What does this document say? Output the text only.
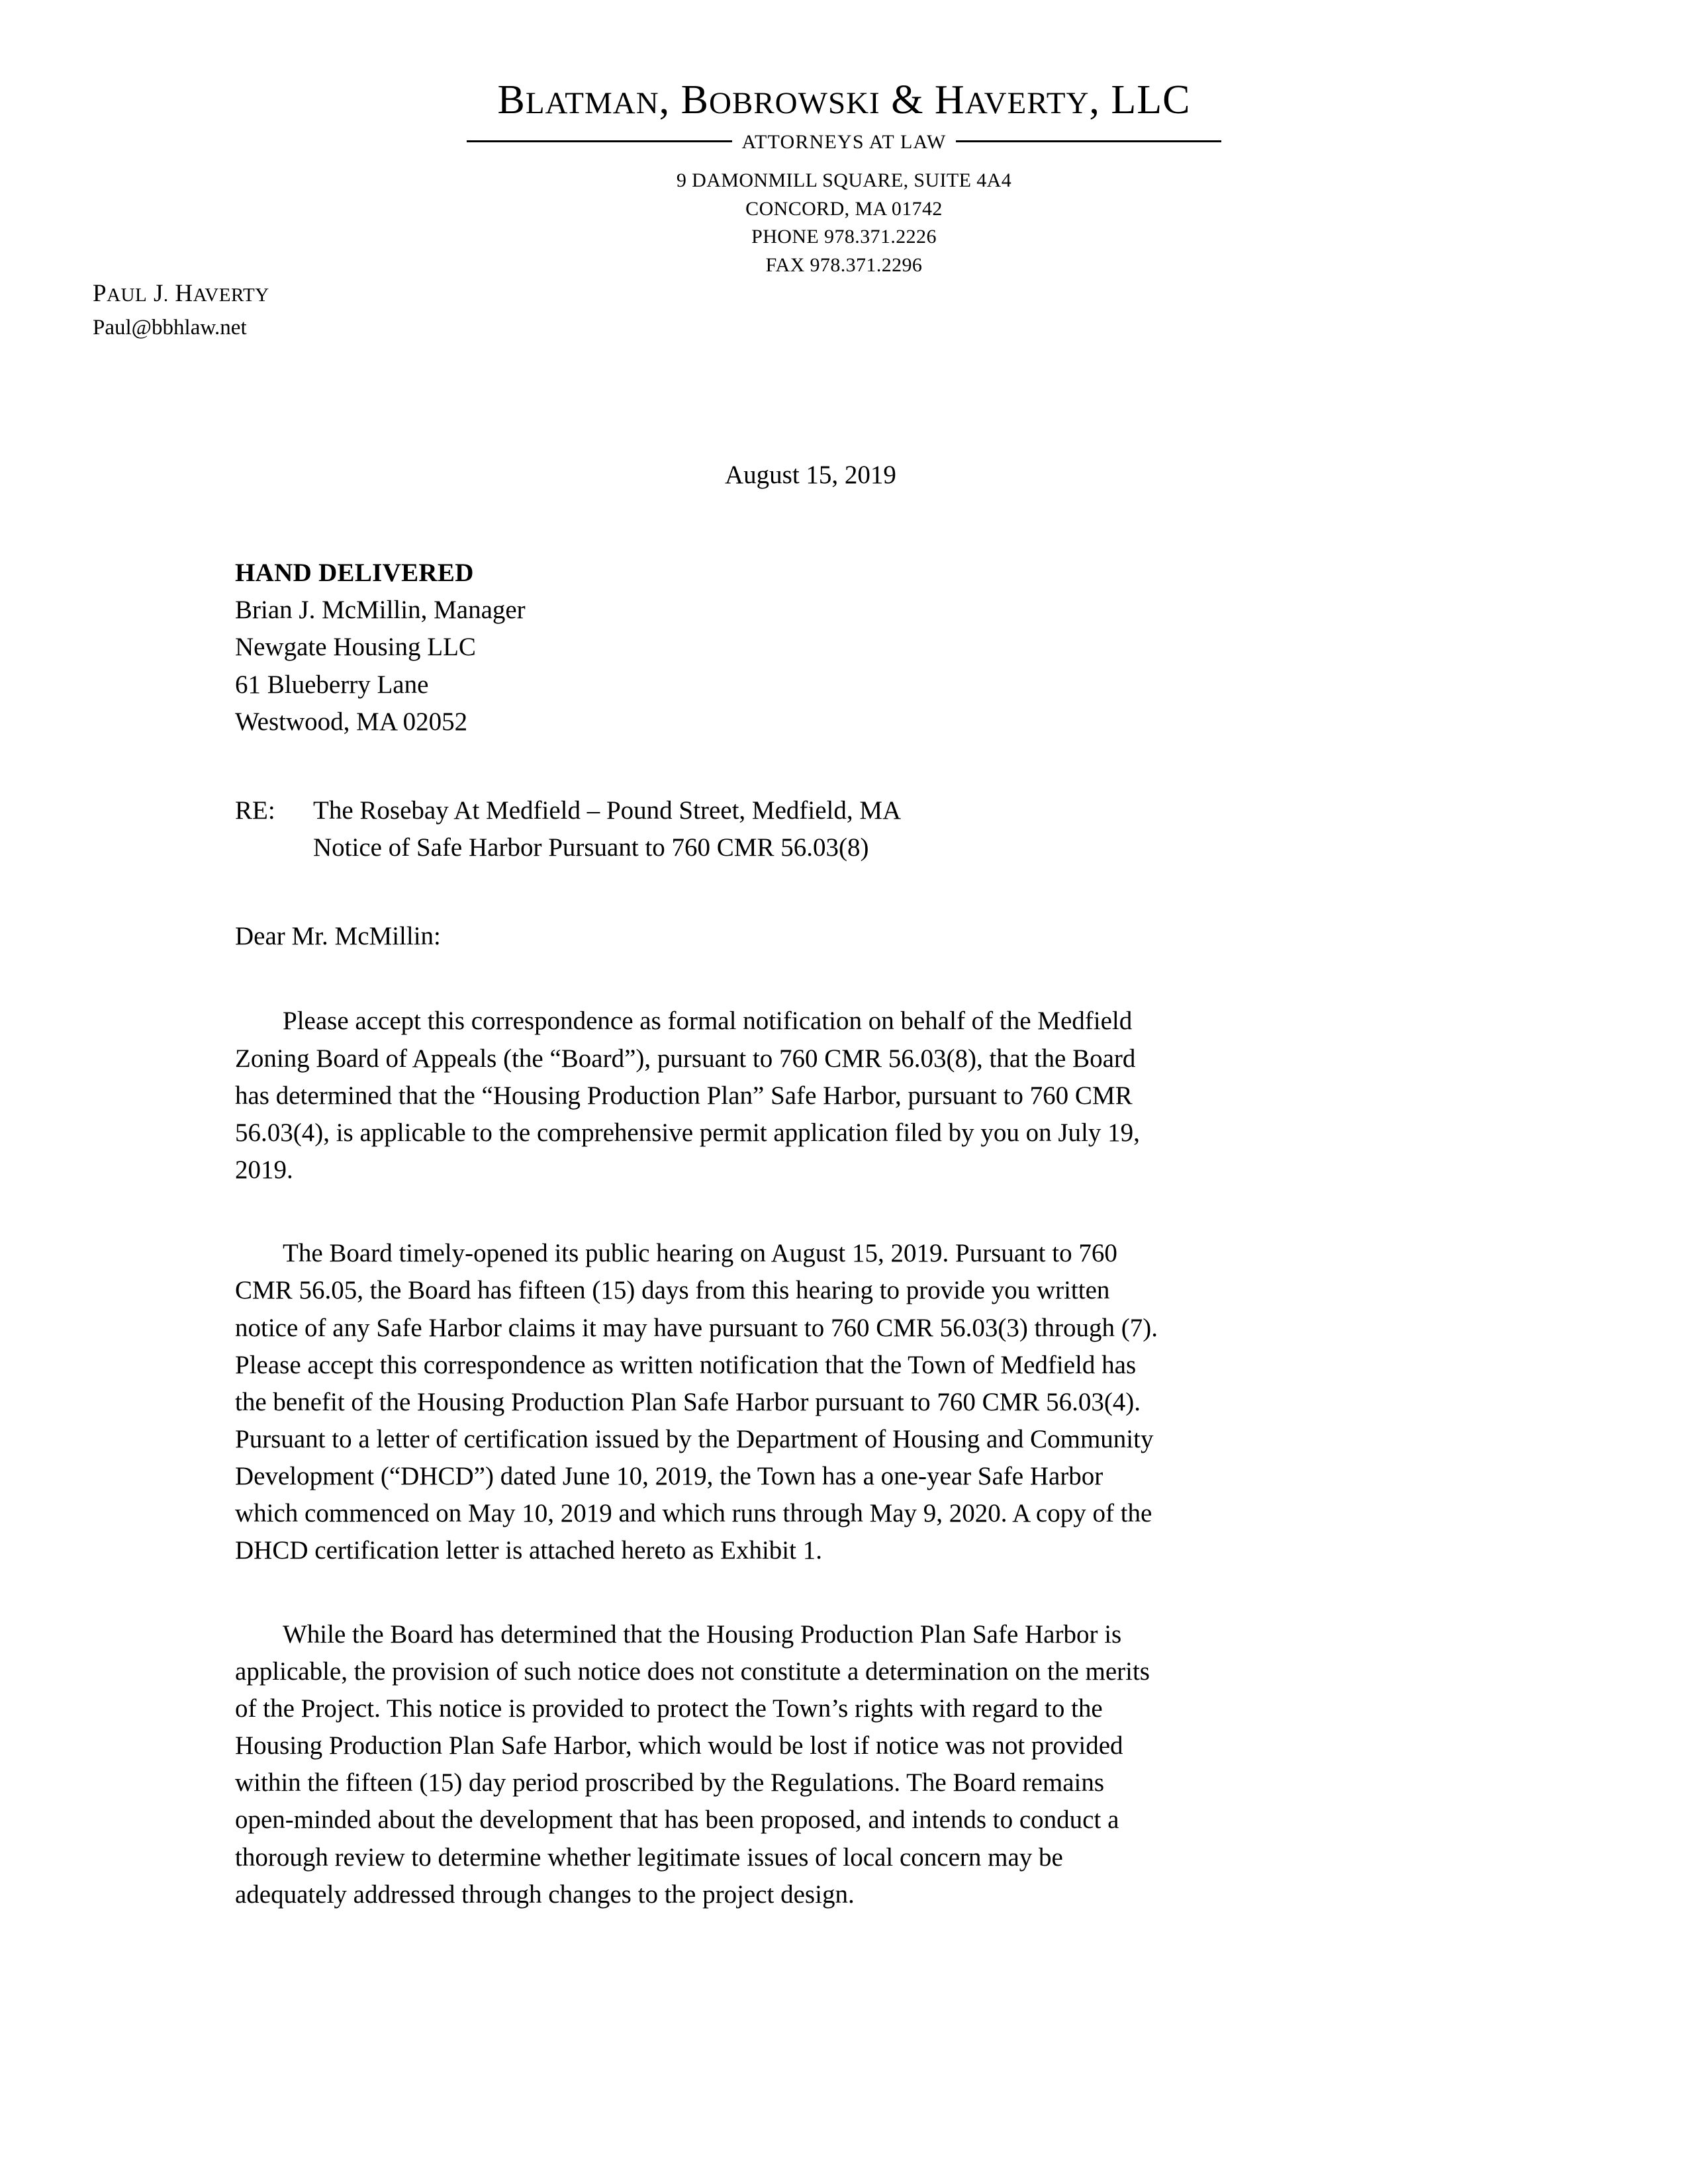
BLATMAN, BOBROWSKI & HAVERTY, LLC
ATTORNEYS AT LAW
9 DAMONMILL SQUARE, SUITE 4A4
CONCORD, MA 01742
PHONE 978.371.2226
FAX 978.371.2296
PAUL J. HAVERTY
Paul@bbhlaw.net
August 15, 2019
HAND DELIVERED
Brian J. McMillin, Manager
Newgate Housing LLC
61 Blueberry Lane
Westwood, MA 02052
RE:	The Rosebay At Medfield – Pound Street, Medfield, MA
Notice of Safe Harbor Pursuant to 760 CMR 56.03(8)
Dear Mr. McMillin:
Please accept this correspondence as formal notification on behalf of the Medfield
Zoning Board of Appeals (the “Board”), pursuant to 760 CMR 56.03(8), that the Board
has determined that the “Housing Production Plan” Safe Harbor, pursuant to 760 CMR
56.03(4), is applicable to the comprehensive permit application filed by you on July 19,
2019.
The Board timely-opened its public hearing on August 15, 2019. Pursuant to 760
CMR 56.05, the Board has fifteen (15) days from this hearing to provide you written
notice of any Safe Harbor claims it may have pursuant to 760 CMR 56.03(3) through (7).
Please accept this correspondence as written notification that the Town of Medfield has
the benefit of the Housing Production Plan Safe Harbor pursuant to 760 CMR 56.03(4).
Pursuant to a letter of certification issued by the Department of Housing and Community
Development (“DHCD”) dated June 10, 2019, the Town has a one-year Safe Harbor
which commenced on May 10, 2019 and which runs through May 9, 2020. A copy of the
DHCD certification letter is attached hereto as Exhibit 1.
While the Board has determined that the Housing Production Plan Safe Harbor is
applicable, the provision of such notice does not constitute a determination on the merits
of the Project. This notice is provided to protect the Town’s rights with regard to the
Housing Production Plan Safe Harbor, which would be lost if notice was not provided
within the fifteen (15) day period proscribed by the Regulations. The Board remains
open-minded about the development that has been proposed, and intends to conduct a
thorough review to determine whether legitimate issues of local concern may be
adequately addressed through changes to the project design.
